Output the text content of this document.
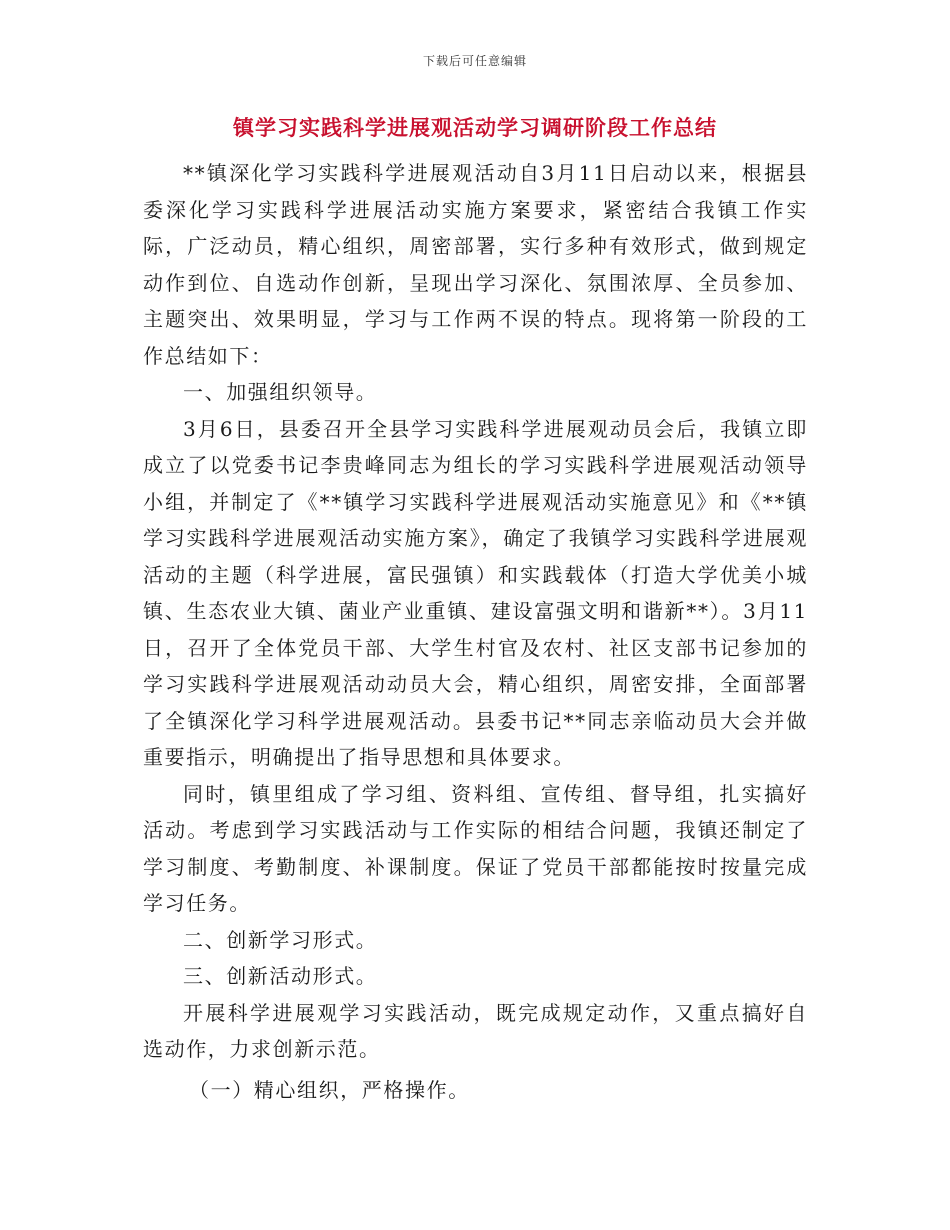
下载后可任意编辑
镇学习实践科学进展观活动学习调研阶段工作总结

**镇深化学习实践科学进展观活动自3月11日启动以来，根据县委深化学习实践科学进展活动实施方案要求，紧密结合我镇工作实际，广泛动员，精心组织，周密部署，实行多种有效形式，做到规定动作到位、自选动作创新，呈现出学习深化、氛围浓厚、全员参加、主题突出、效果明显，学习与工作两不误的特点。现将第一阶段的工作总结如下：

一、加强组织领导。

3月6日，县委召开全县学习实践科学进展观动员会后，我镇立即成立了以党委书记李贵峰同志为组长的学习实践科学进展观活动领导小组，并制定了《**镇学习实践科学进展观活动实施意见》和《**镇学习实践科学进展观活动实施方案》，确定了我镇学习实践科学进展观活动的主题（科学进展，富民强镇）和实践载体（打造大学优美小城镇、生态农业大镇、菌业产业重镇、建设富强文明和谐新**）。3月11日，召开了全体党员干部、大学生村官及农村、社区支部书记参加的学习实践科学进展观活动动员大会，精心组织，周密安排，全面部署了全镇深化学习科学进展观活动。县委书记**同志亲临动员大会并做重要指示，明确提出了指导思想和具体要求。

同时，镇里组成了学习组、资料组、宣传组、督导组，扎实搞好活动。考虑到学习实践活动与工作实际的相结合问题，我镇还制定了学习制度、考勤制度、补课制度。保证了党员干部都能按时按量完成学习任务。

二、创新学习形式。

三、创新活动形式。

开展科学进展观学习实践活动，既完成规定动作，又重点搞好自选动作，力求创新示范。

（一）精心组织，严格操作。
